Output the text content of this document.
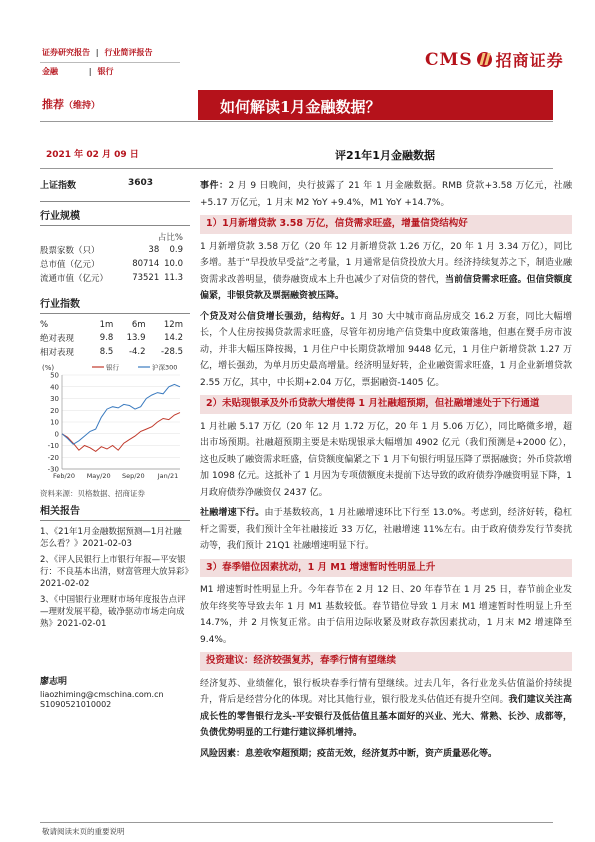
证券研究报告 | 行业简评报告
金融	| 银行
CMS 招商证券
推荐（维持）	如何解读1月金融数据？
2021 年 02 月 09 日	评21年1月金融数据
上证指数	3603
行业规模
占比%
股票家数（只）	38	0.9
总市值（亿元）	80714	10.0
流通市值（亿元）	73521	11.3
行业指数
%	1m	6m	12m
绝对表现	9.8	13.9	14.2
相对表现	8.5	-4.2	-28.5
(%)
-30
-20
-10
0
10
20
30
40
50
Feb/20 May/20 Sep/20 Jan/21
银行	沪深300
资料来源：贝格数据、招商证券
相关报告
1、《21年1月金融数据预测—1月社融怎么看？》2021-02-03
2、《评人民银行上市银行年报—平安银行：不良基本出清，财富管理大放异彩》2021-02-02
3、《中国银行业理财市场年度报告点评—理财发展平稳，破净驱动市场走向成熟》2021-02-01
廖志明
liaozhiming@cmschina.com.cn
S1090521010002

事件：2 月 9 日晚间，央行披露了 21 年 1 月金融数据。RMB 贷款+3.58 万亿元，社融+5.17 万亿元，1 月末 M2 YoY +9.4%，M1 YoY +14.7%。

1）1月新增贷款 3.58 万亿，信贷需求旺盛，增量信贷结构好

1 月新增贷款 3.58 万亿（20 年 12 月新增贷款 1.26 万亿，20 年 1 月 3.34 万亿），同比多增。基于“早投放早受益”之考量，1 月通常是信贷投放大月。经济持续复苏之下，制造业融资需求改善明显，债券融资成本上升也减少了对信贷的替代，当前信贷需求旺盛。但信贷额度偏紧，非银贷款及票据融资被压降。

个贷及对公信贷增长强劲，结构好。1 月 30 大中城市商品房成交 16.2 万套，同比大幅增长，个人住房按揭贷款需求旺盛，尽管年初房地产信贷集中度政策落地，但惠在燹手房市波动，并非大幅压降按揭，1 月住户中长期贷款增加 9448 亿元，1 月住户新增贷款 1.27 万亿，增长强劲，为单月历史最高增量。经济明显好转，企业融资需求旺盛，1 月企业新增贷款 2.55 万亿，其中，中长期+2.04 万亿，票据融资-1405 亿。

2）未贴现银承及外币贷款大增使得 1 月社融超预期，但社融增速处于下行通道

1 月社融 5.17 万亿（20 年 12 月 1.72 万亿，20 年 1 月 5.06 万亿），同比略微多增，超出市场预期。社融超预期主要是未贴现银承大幅增加 4902 亿元（我们预测是+2000 亿），这也反映了融资需求旺盛，信贷额度偏紧之下 1 月下旬银行明显压降了票据融资；外币贷款增加 1098 亿元。这抵补了 1 月因为专项债额度未提前下达导致的政府债券净融资明显下降，1 月政府债券净融资仅 2437 亿。

社融增速下行。由于基数较高，1 月社融增速环比下行至 13.0%。考虑到，经济好转，稳杠杆之需要，我们预计全年社融接近 33 万亿，社融增速 11%左右。由于政府债券发行节奏扰动等，我们预计 21Q1 社融增速明显下行。

3）春季错位因素扰动，1 月 M1 增速暂时性明显上升

M1 增速暂时性明显上升。今年春节在 2 月 12 日、20 年春节在 1 月 25 日，春节前企业发放年终奖等导致去年 1 月 M1 基数较低。春节错位导致 1 月末 M1 增速暂时性明显上升至 14.7%，并 2 月恢复正常。由于信用边际收紧及财政存款因素扰动，1 月末 M2 增速降至 9.4%。

投资建议：经济较强复苏，春季行情有望继续

经济复苏、业绩催化，银行板块春季行情有望继续。过去几年，各行业龙头估值溢价持续提升，背后是经营分化的体现。对比其他行业，银行股龙头估值还有提升空间。我们建议关注高成长性的零售银行龙头-平安银行及低估值且基本面好的兴业、光大、常熟、长沙、成都等，负债优势明显的工行建行建议择机增持。

风险因素：息差收窄超预期；疫苗无效，经济复苏中断，资产质量恶化等。

敬请阅读末页的重要说明
